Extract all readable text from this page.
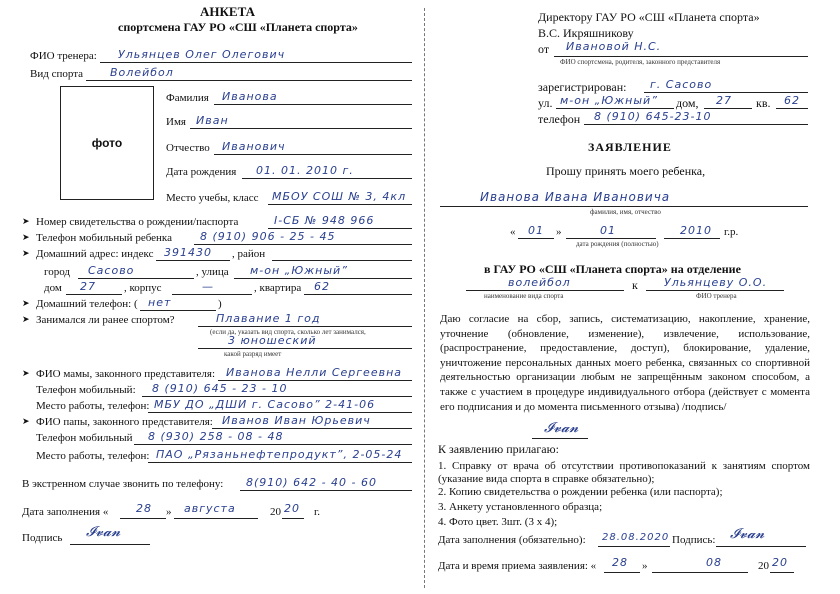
АНКЕТА
спортсмена ГАУ РО «СШ «Планета спорта»
ФИО тренера: Ульянцев Олег Олегович
Вид спорта Волейбол
фото
Фамилия Иванова
Имя Иван
Отчество Иванович
Дата рождения 01. 01. 2010 г.
Место учебы, класс МБОУ СОШ № 3, 4кл
➤ Номер свидетельства о рождении/паспорта	I-СБ № 948 966
➤ Телефон мобильный ребенка	8 (910) 906 - 25 - 45
➤ Домашний адрес: индекс 391430 , район
город Сасово	, улица м-он „Южный”
дом 27	, корпус	—	, квартира 62
➤ Домашний телефон: ( нет	)
➤ Занимался ли ранее спортом?	Плавание 1 год
(если да, указать вид спорта, сколько лет занимался,
3 юношеский
какой разряд имеет
➤ ФИО мамы, законного представителя: Иванова Нелли Сергеевна
Телефон мобильный: 8 (910) 645 - 23 - 10
Место работы, телефон: МБУ ДО „ДШИ г. Сасово” 2-41-06
➤ ФИО папы, законного представителя: Иванов Иван Юрьевич
Телефон мобильный 8 (930) 258 - 08 - 48
Место работы, телефон: ПАО „Рязаньнефтепродукт”, 2-05-24
В экстренном случае звонить по телефону: 8(910) 642 - 40 - 60
Дата заполнения «	28 » августа	20 20 г.
Подпись 𝓘𝓿𝓪𝓷
Директору ГАУ РО «СШ «Планета спорта»
В.С. Икряшникову
от Ивановой Н.С.
ФИО спортсмена, родителя, законного представителя
зарегистрирован: г. Сасово
ул. м-он „Южный” дом, 27 кв. 62
телефон 8 (910) 645-23-10
ЗАЯВЛЕНИЕ
Прошу принять моего ребенка,
Иванова Ивана Ивановича
фамилия, имя, отчество
« 01 »	01	2010 г.р.
дата рождения (полностью)
в ГАУ РО «СШ «Планета спорта» на отделение
волейбол	к Ульянцеву О.О.
наименование вида спорта	ФИО тренера
Даю согласие на сбор, запись, систематизацию, накопление, хранение, уточнение (обновление, изменение), извлечение, использование, (распространение, предоставление, доступ), блокирование, удаление, уничтожение персональных данных моего ребенка, связанных со спортивной деятельностью организации любым не запрещённым законом способом, а также с участием в процедуре индивидуального отбора (действует с момента его подписания и до момента письменного отзыва) /подпись/
𝓘𝓿𝓪𝓷
К заявлению прилагаю:
1. Справку от врача об отсутствии противопоказаний к занятиям спортом (указание вида спорта в справке обязательно);
2. Копию свидетельства о рождении ребенка (или паспорта);
3. Анкету установленного образца;
4. Фото цвет. 3шт. (3 х 4);
Дата заполнения (обязательно): 28.08.2020 Подпись: 𝓘𝓿𝓪𝓷
Дата и время приема заявления: « 28 »	08	20 20
